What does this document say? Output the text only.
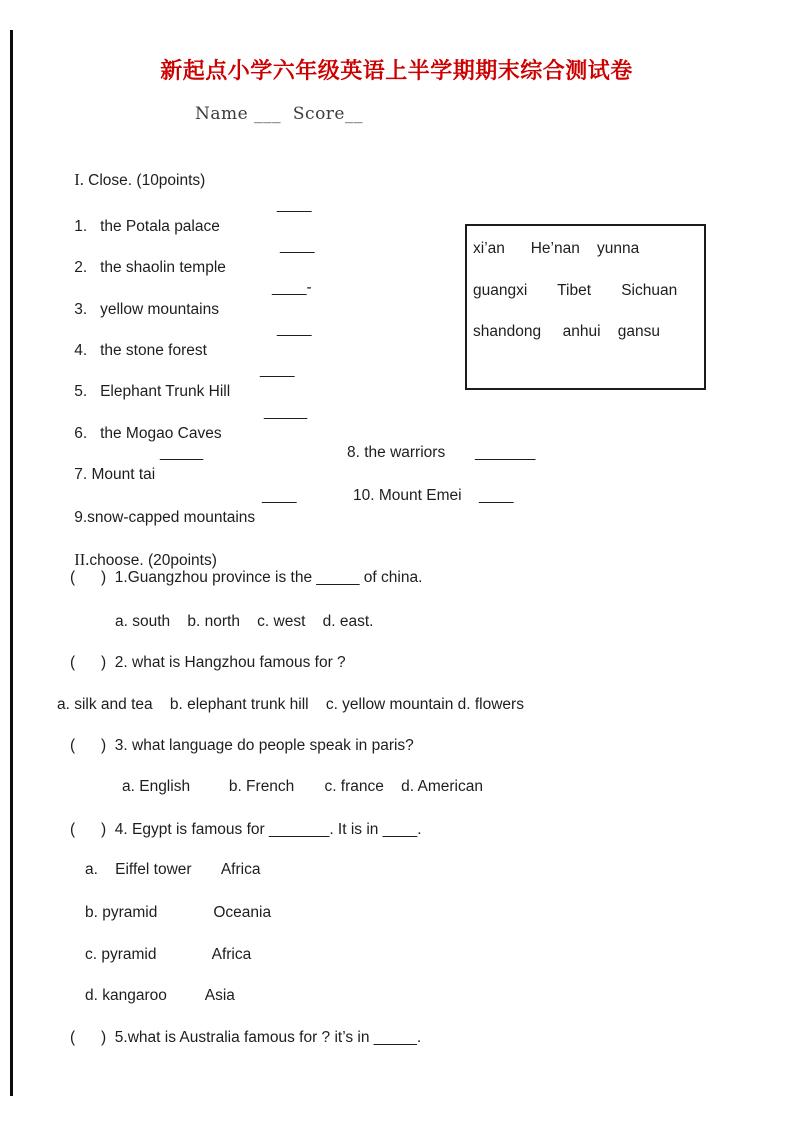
新起点小学六年级英语上半学期期末综合测试卷
Name ___  Score__

I. Close. (10points)

1.   the Potala palace

____

2.   the shaolin temple

____

3.   yellow mountains

____-

4.   the stone forest

____

5.   Elephant Trunk Hill

____

6.   the Mogao Caves

_____

7. Mount tai

_____

	8. the warriors

_______

9.snow-capped mountains

____

	10. Mount Emei

____

xi’an      He’nan    yunna
guangxi       Tibet       Sichuan
shandong     anhui    gansu

II.choose. (20points)

(      )  1.Guangzhou province is the _____ of china.
a. south    b. north    c. west    d. east.
(      )  2. what is Hangzhou famous for ?
a. silk and tea    b. elephant trunk hill    c. yellow mountain d. flowers
(      )  3. what language do people speak in paris?
a. English         b. French       c. france    d. American
(      )  4. Egypt is famous for _______. It is in ____.
a.    Eiffel tower       Africa
b. pyramid             Oceania
c. pyramid             Africa
d. kangaroo         Asia
(      )  5.what is Australia famous for ? it’s in _____.
